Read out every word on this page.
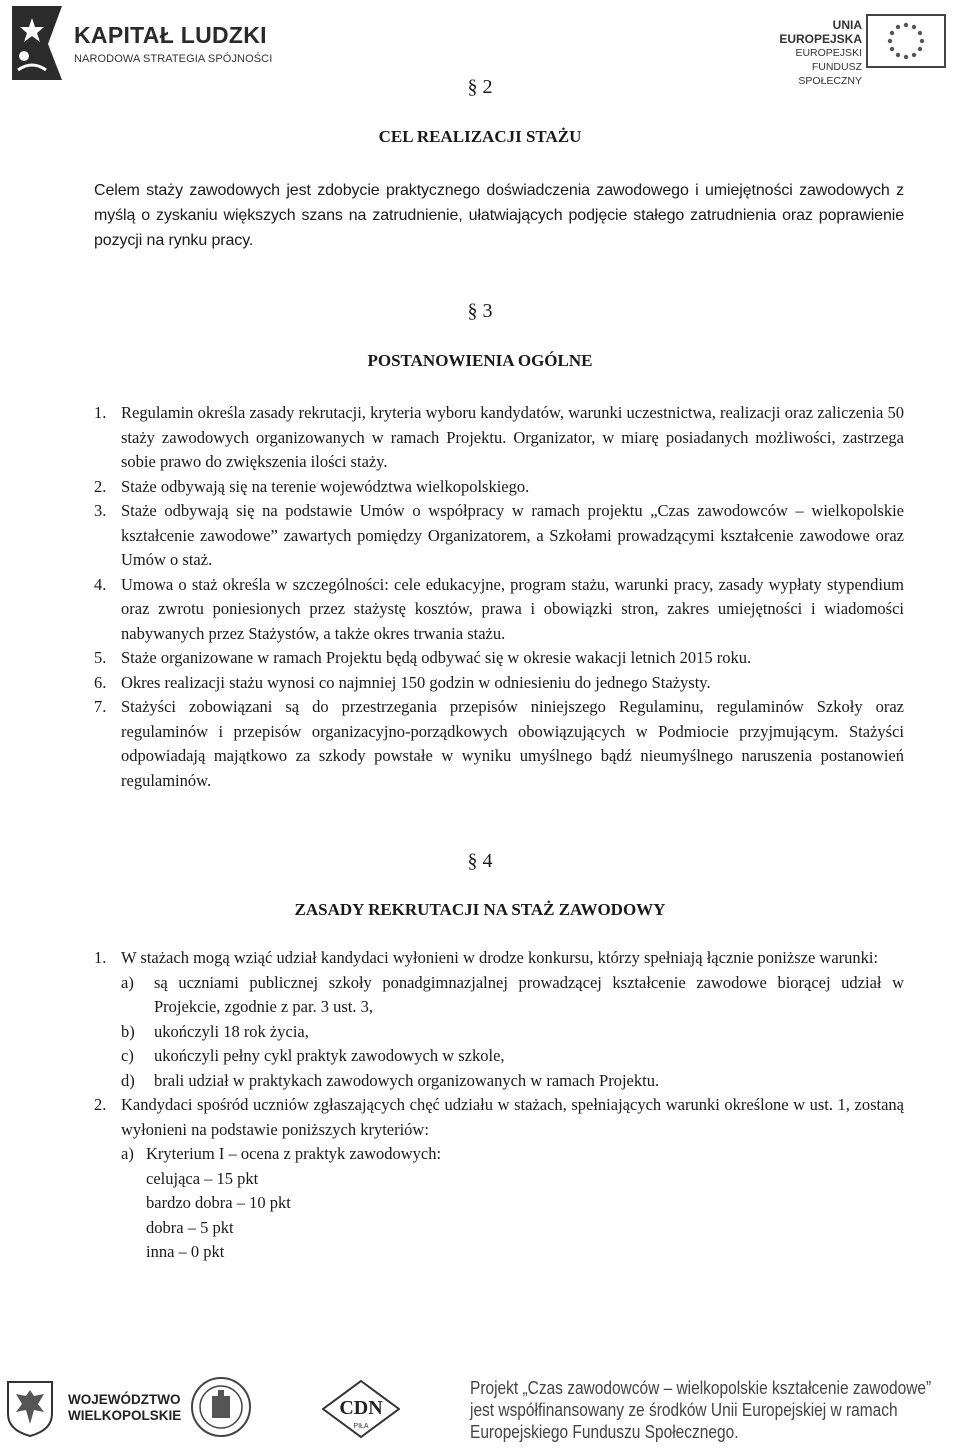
KAPITAŁ LUDZKI
NARODOWA STRATEGIA SPÓJNOŚCI
UNIA EUROPEJSKA
EUROPEJSKI
FUNDUSZ SPOŁECZNY
§ 2
CEL REALIZACJI STAŻU
Celem staży zawodowych jest zdobycie praktycznego doświadczenia zawodowego i umiejętności zawodowych z myślą o zyskaniu większych szans na zatrudnienie, ułatwiających podjęcie stałego zatrudnienia oraz poprawienie pozycji na rynku pracy.
§ 3
POSTANOWIENIA OGÓLNE
1. Regulamin określa zasady rekrutacji, kryteria wyboru kandydatów, warunki uczestnictwa, realizacji oraz zaliczenia 50 staży zawodowych organizowanych w ramach Projektu. Organizator, w miarę posiadanych możliwości, zastrzega sobie prawo do zwiększenia ilości staży.
2. Staże odbywają się na terenie województwa wielkopolskiego.
3. Staże odbywają się na podstawie Umów o współpracy w ramach projektu „Czas zawodowców – wielkopolskie kształcenie zawodowe” zawartych pomiędzy Organizatorem, a Szkołami prowadzącymi kształcenie zawodowe oraz Umów o staż.
4. Umowa o staż określa w szczególności: cele edukacyjne, program stażu, warunki pracy, zasady wypłaty stypendium oraz zwrotu poniesionych przez stażystę kosztów, prawa i obowiązki stron, zakres umiejętności i wiadomości nabywanych przez Stażystów, a także okres trwania stażu.
5. Staże organizowane w ramach Projektu będą odbywać się w okresie wakacji letnich 2015 roku.
6. Okres realizacji stażu wynosi co najmniej 150 godzin w odniesieniu do jednego Stażysty.
7. Stażyści zobowiązani są do przestrzegania przepisów niniejszego Regulaminu, regulaminów Szkoły oraz regulaminów i przepisów organizacyjno-porządkowych obowiązujących w Podmiocie przyjmującym. Stażyści odpowiadają majątkowo za szkody powstałe w wyniku umyślnego bądź nieumyślnego naruszenia postanowień regulaminów.
§ 4
ZASADY REKRUTACJI NA STAŻ ZAWODOWY
1. W stażach mogą wziąć udział kandydaci wyłonieni w drodze konkursu, którzy spełniają łącznie poniższe warunki:
a) są uczniami publicznej szkoły ponadgimnazjalnej prowadzącej kształcenie zawodowe biorącej udział w Projekcie, zgodnie z par. 3 ust. 3,
b) ukończyli 18 rok życia,
c) ukończyli pełny cykl praktyk zawodowych w szkole,
d) brali udział w praktykach zawodowych organizowanych w ramach Projektu.
2. Kandydaci spośród uczniów zgłaszających chęć udziału w stażach, spełniających warunki określone w ust. 1, zostaną wyłonieni na podstawie poniższych kryteriów:
a) Kryterium I – ocena z praktyk zawodowych:
celująca – 15 pkt
bardzo dobra – 10 pkt
dobra – 5 pkt
inna – 0 pkt
WOJEWÓDZTWO
WIELKOPOLSKIE	CDN
PIŁA
Projekt „Czas zawodowców – wielkopolskie kształcenie zawodowe”
jest współfinansowany ze środków Unii Europejskiej w ramach
Europejskiego Funduszu Społecznego.
